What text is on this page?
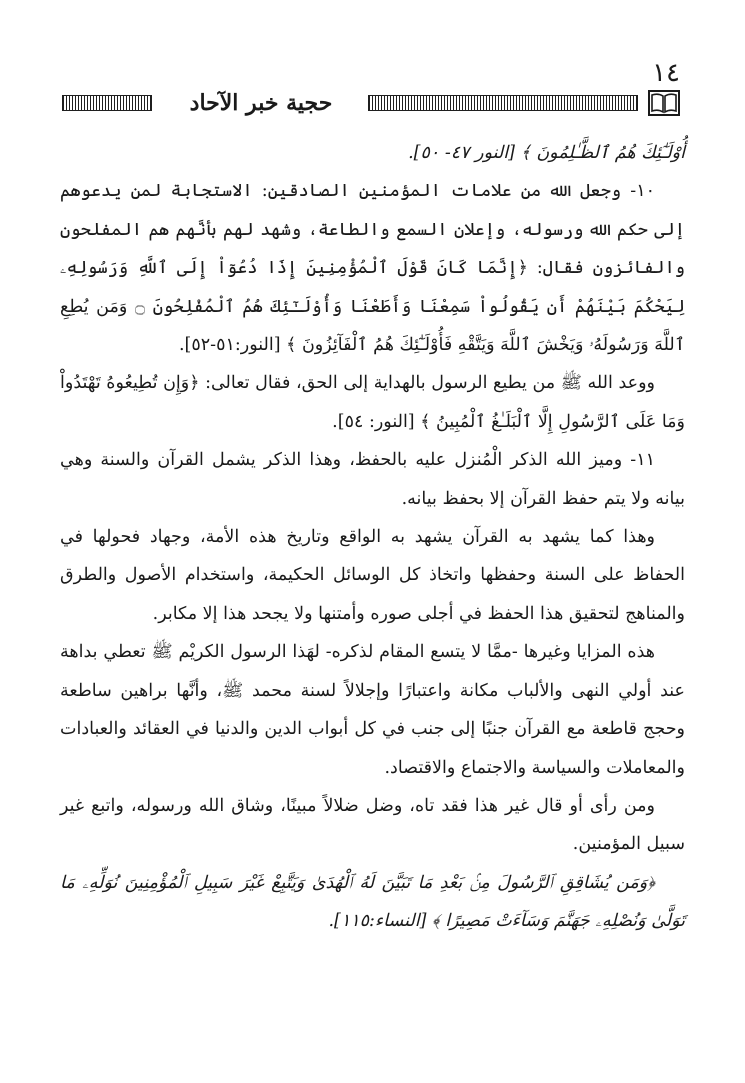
١٤
حجية خبر الآحاد

أُوْلَـٰٓئِكَ هُمُ ٱلظَّـٰلِمُونَ ﴾ [النور ٤٧- ٥٠].

١٠- وجعل الله من علامات المؤمنين الصادقين: الاستجابة لمن يدعوهم إلى حكم الله ورسوله، وإعلان السمع والطاعة، وشهد لهم بأنَّهم هم المفلحون والفائزون فقال: ﴿إِنَّمَا كَانَ قَوْلَ ٱلْمُؤْمِنِينَ إِذَا دُعُوٓاْ إِلَى ٱللَّهِ وَرَسُولِهِۦ لِيَحْكُمَ بَيْنَهُمْ أَن يَقُولُواْ سَمِعْنَا وَأَطَعْنَا وَأُوْلَـٰٓئِكَ هُمُ ٱلْمُفْلِحُونَ ۝ وَمَن يُطِعِ ٱللَّهَ وَرَسُولَهُۥ وَيَخْشَ ٱللَّهَ وَيَتَّقْهِ فَأُوْلَـٰٓئِكَ هُمُ ٱلْفَآئِزُونَ ﴾ [النور:٥١-٥٢].

ووعد الله ﷺ من يطيع الرسول بالهداية إلى الحق، فقال تعالى: ﴿وَإِن تُطِيعُوهُ تَهْتَدُواْ وَمَا عَلَى ٱلرَّسُولِ إِلَّا ٱلْبَلَـٰغُ ٱلْمُبِينُ ﴾ [النور: ٥٤].

١١- وميز الله الذكر الْمُنزل عليه بالحفظ، وهذا الذكر يشمل القرآن والسنة وهي بيانه ولا يتم حفظ القرآن إلا بحفظ بيانه.

وهذا كما يشهد به القرآن يشهد به الواقع وتاريخ هذه الأمة، وجهاد فحولها في الحفاظ على السنة وحفظها واتخاذ كل الوسائل الحكيمة، واستخدام الأصول والطرق والمناهج لتحقيق هذا الحفظ في أجلى صوره وأمتنها ولا يجحد هذا إلا مكابر.

هذه المزايا وغيرها -ممَّا لا يتسع المقام لذكره- لهَذا الرسول الكريْم ﷺ تعطي بداهة عند أولي النهى والألباب مكانة واعتبارًا وإجلالاً لسنة محمد ﷺ، وأنَّها براهين ساطعة وحجج قاطعة مع القرآن جنبًا إلى جنب في كل أبواب الدين والدنيا في العقائد والعبادات والمعاملات والسياسة والاجتماع والاقتصاد.

ومن رأى أو قال غير هذا فقد تاه، وضل ضلالاً مبينًا، وشاق الله ورسوله، واتبع غير سبيل المؤمنين.

﴿وَمَن يُشَاقِقِ ٱلرَّسُولَ مِنۢ بَعْدِ مَا تَبَيَّنَ لَهُ ٱلْهُدَىٰ وَيَتَّبِعْ غَيْرَ سَبِيلِ ٱلْمُؤْمِنِينَ نُوَلِّهِۦ مَا تَوَلَّىٰ وَنُصْلِهِۦ جَهَنَّمَ وَسَآءَتْ مَصِيرًا ﴾ [النساء:١١٥].
